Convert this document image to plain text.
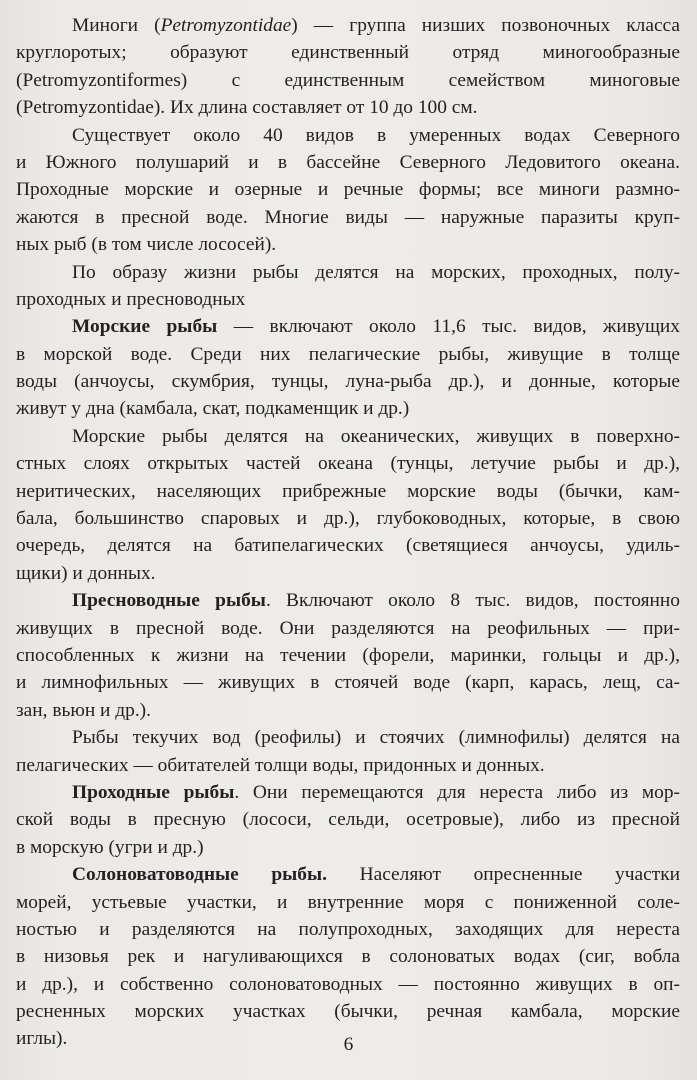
Миноги (Petromyzontidae) — группа низших позвоночных класса

круглоротых; образуют единственный отряд миногообразные

(Petromyzontiformes) с единственным семейством миноговые

(Petromyzontidae). Их длина составляет от 10 до 100 см.

Существует около 40 видов в умеренных водах Северного

и Южного полушарий и в бассейне Северного Ледовитого океана.

Проходные морские и озерные и речные формы; все миноги размно-

жаются в пресной воде. Многие виды — наружные паразиты круп-

ных рыб (в том числе лососей).

По образу жизни рыбы делятся на морских, проходных, полу-

проходных и пресноводных

Морские рыбы — включают около 11,6 тыс. видов, живущих

в морской воде. Среди них пелагические рыбы, живущие в толще

воды (анчоусы, скумбрия, тунцы, луна-рыба др.), и донные, которые

живут у дна (камбала, скат, подкаменщик и др.)

Морские рыбы делятся на океанических, живущих в поверхно-

стных слоях открытых частей океана (тунцы, летучие рыбы и др.),

неритических, населяющих прибрежные морские воды (бычки, кам-

бала, большинство спаровых и др.), глубоководных, которые, в свою

очередь, делятся на батипелагических (светящиеся анчоусы, удиль-

щики) и донных.

Пресноводные рыбы. Включают около 8 тыс. видов, постоянно

живущих в пресной воде. Они разделяются на реофильных — при-

способленных к жизни на течении (форели, маринки, гольцы и др.),

и лимнофильных — живущих в стоячей воде (карп, карась, лещ, са-

зан, вьюн и др.).

Рыбы текучих вод (реофилы) и стоячих (лимнофилы) делятся на

пелагических — обитателей толщи воды, придонных и донных.

Проходные рыбы. Они перемещаются для нереста либо из мор-

ской воды в пресную (лососи, сельди, осетровые), либо из пресной

в морскую (угри и др.)

Солоноватоводные рыбы. Населяют опресненные участки

морей, устьевые участки, и внутренние моря с пониженной соле-

ностью и разделяются на полупроходных, заходящих для нереста

в низовья рек и нагуливающихся в солоноватых водах (сиг, вобла

и др.), и собственно солоноватоводных — постоянно живущих в оп-

ресненных морских участках (бычки, речная камбала, морские

иглы).	6
